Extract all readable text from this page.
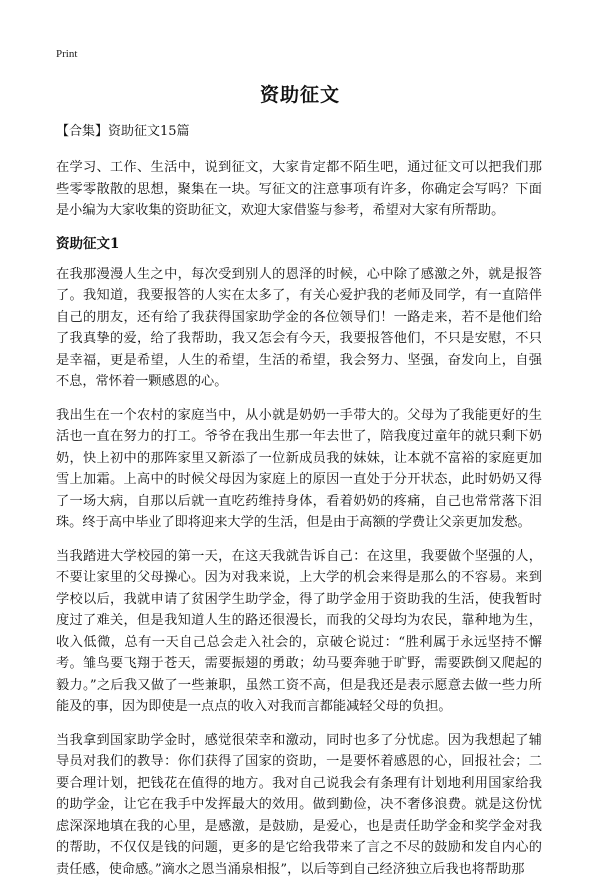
Print
资助征文
【合集】资助征文15篇

在学习、工作、生活中，说到征文，大家肯定都不陌生吧，通过征文可以把我们那些零零散散的思想，聚集在一块。写征文的注意事项有许多，你确定会写吗？下面是小编为大家收集的资助征文，欢迎大家借鉴与参考，希望对大家有所帮助。

资助征文1

在我那漫漫人生之中，每次受到别人的恩泽的时候，心中除了感激之外，就是报答了。我知道，我要报答的人实在太多了，有关心爱护我的老师及同学，有一直陪伴自己的朋友，还有给了我获得国家助学金的各位领导们！一路走来，若不是他们给了我真挚的爱，给了我帮助，我又怎会有今天，我要报答他们，不只是安慰，不只是幸福，更是希望，人生的希望，生活的希望，我会努力、坚强，奋发向上，自强不息，常怀着一颗感恩的心。

我出生在一个农村的家庭当中，从小就是奶奶一手带大的。父母为了我能更好的生活也一直在努力的打工。爷爷在我出生那一年去世了，陪我度过童年的就只剩下奶奶，快上初中的那阵家里又新添了一位新成员我的妹妹，让本就不富裕的家庭更加雪上加霜。上高中的时候父母因为家庭上的原因一直处于分开状态，此时奶奶又得了一场大病，自那以后就一直吃药维持身体，看着奶奶的疼痛，自己也常常落下泪珠。终于高中毕业了即将迎来大学的生活，但是由于高额的学费让父亲更加发愁。

当我踏进大学校园的第一天，在这天我就告诉自己：在这里，我要做个坚强的人，不要让家里的父母操心。因为对我来说，上大学的机会来得是那么的不容易。来到学校以后，我就申请了贫困学生助学金，得了助学金用于资助我的生活，使我暂时度过了难关，但是我知道人生的路还很漫长，而我的父母均为农民，靠种地为生，收入低微，总有一天自己总会走入社会的，京破仑说过：“胜利属于永远坚持不懈考。雏鸟要飞翔于苍天，需要振翅的勇敢；幼马要奔驰于旷野，需要跌倒又爬起的毅力。”之后我又做了一些兼职，虽然工资不高，但是我还是表示愿意去做一些力所能及的事，因为即使是一点点的收入对我而言都能减轻父母的负担。

当我拿到国家助学金时，感觉很荣幸和激动，同时也多了分忧虑。因为我想起了辅导员对我们的教导：你们获得了国家的资助，一是要怀着感恩的心，回报社会；二要合理计划，把钱花在值得的地方。我对自己说我会有条理有计划地利用国家给我的助学金，让它在我手中发挥最大的效用。做到勤俭，决不奢侈浪费。就是这份忧虑深深地填在我的心里，是感激，是鼓励，是爱心，也是责任助学金和奖学金对我的帮助，不仅仅是钱的问题，更多的是它给我带来了言之不尽的鼓励和发自内心的责任感，使命感。”滴水之恩当涌泉相报”，以后等到自己经济独立后我也将帮助那
